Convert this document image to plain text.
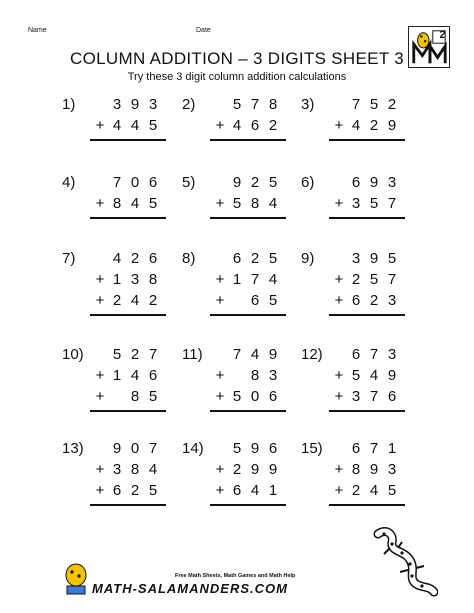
Name	Date	2
COLUMN ADDITION – 3 DIGITS SHEET 3
Try these 3 digit column addition calculations
1) 3 9 3
+ 4 4 5
2) 5 7 8
+ 4 6 2
3) 7 5 2
+ 4 2 9
4) 7 0 6
+ 8 4 5
5) 9 2 5
+ 5 8 4
6) 6 9 3
+ 3 5 7
7) 4 2 6
+ 1 3 8
+ 2 4 2
8) 6 2 5
+ 1 7 4
+ 6 5
9) 3 9 5
+ 2 5 7
+ 6 2 3
10) 5 2 7
+ 1 4 6
+ 8 5
11) 7 4 9
+ 8 3
+ 5 0 6
12) 6 7 3
+ 5 4 9
+ 3 7 6
13) 9 0 7
+ 3 8 4
+ 6 2 5
14) 5 9 6
+ 2 9 9
+ 6 4 1
15) 6 7 1
+ 8 9 3
+ 2 4 5
Free Math Sheets, Math Games and Math Help
MATH-SALAMANDERS.COM
